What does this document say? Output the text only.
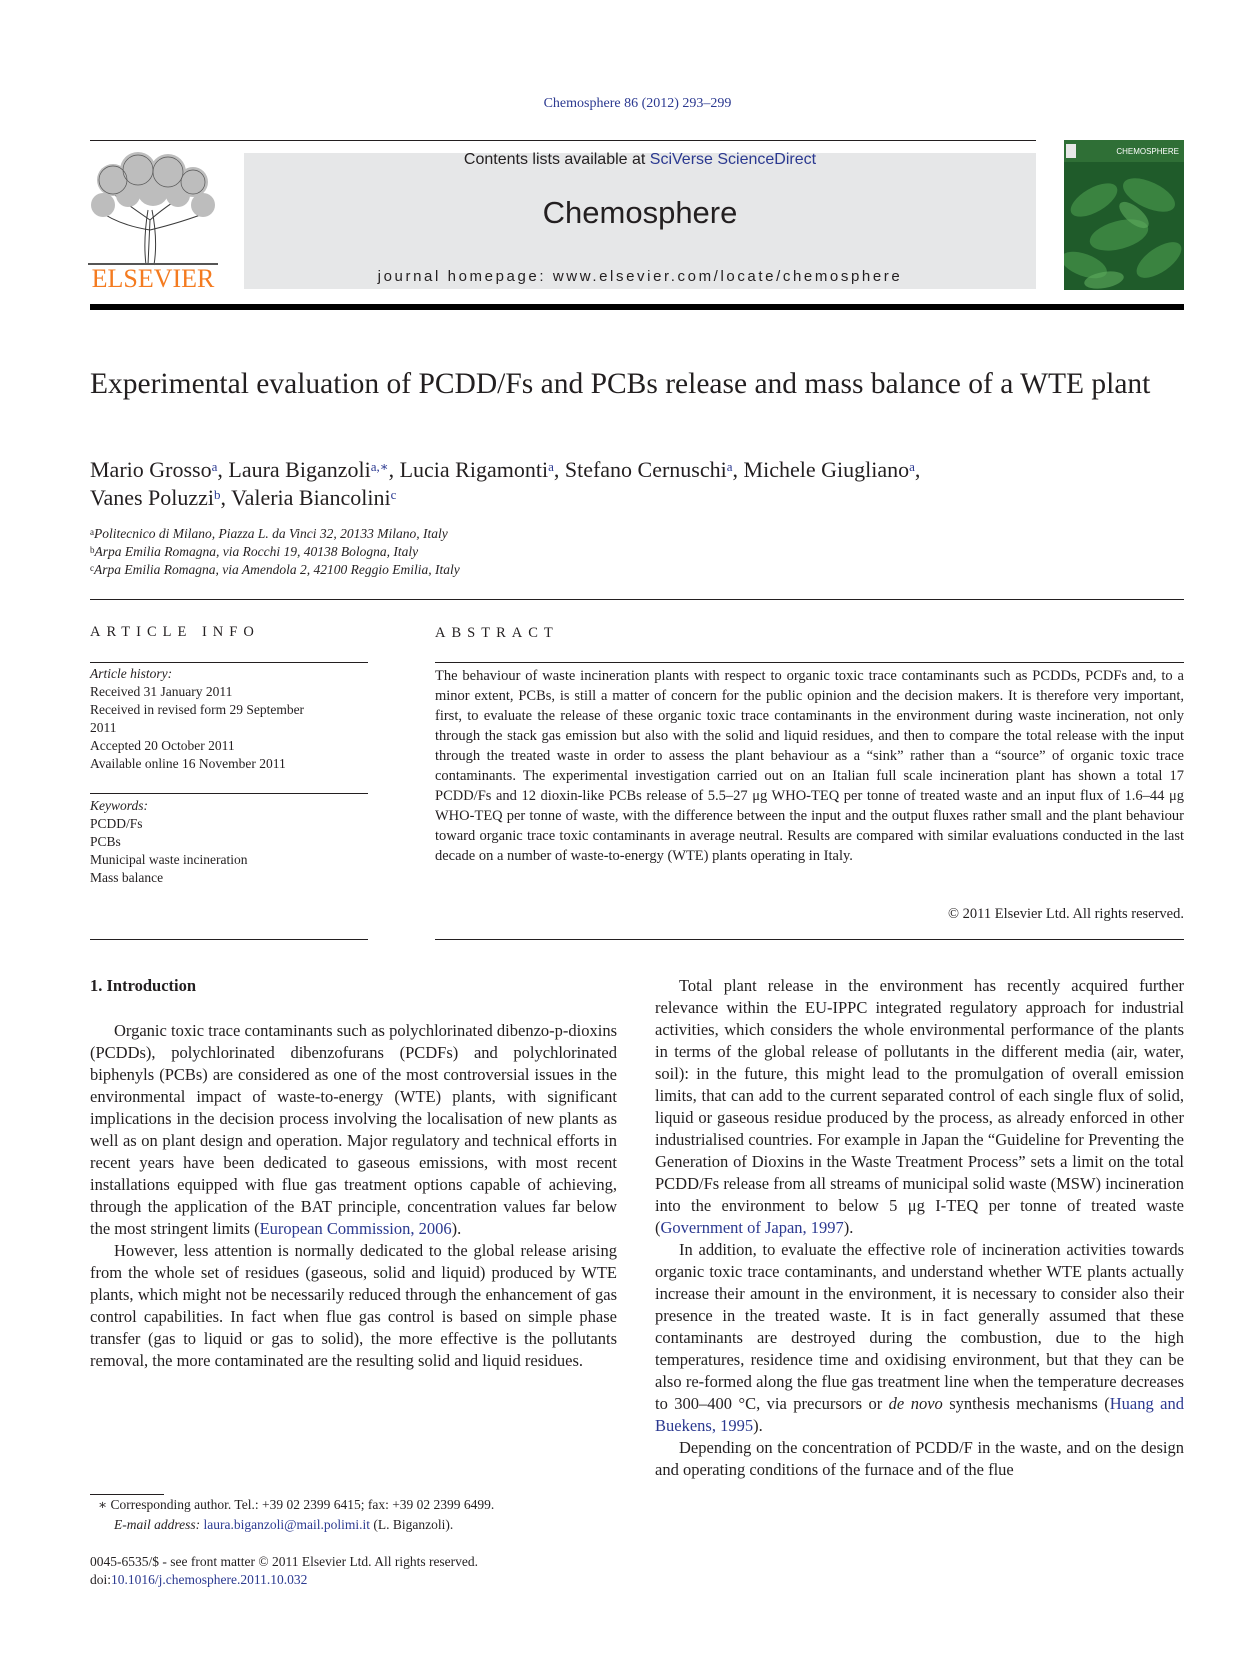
Chemosphere 86 (2012) 293–299
ELSEVIER
Contents lists available at SciVerse ScienceDirect
Chemosphere
journal homepage: www.elsevier.com/locate/chemosphere
CHEMOSPHERE
Experimental evaluation of PCDD/Fs and PCBs release and mass balance of a WTE plant
Mario Grosso$^a$, Laura Biganzoli$^{a,∗}$, Lucia Rigamonti$^a$, Stefano Cernuschi$^a$, Michele Giugliano$^a$,
Vanes Poluzzi$^b$, Valeria Biancolini$^c$
$^a$Politecnico di Milano, Piazza L. da Vinci 32, 20133 Milano, Italy
$^b$Arpa Emilia Romagna, via Rocchi 19, 40138 Bologna, Italy
$^c$Arpa Emilia Romagna, via Amendola 2, 42100 Reggio Emilia, Italy
ARTICLE INFO	ABSTRACT
Article history:
Received 31 January 2011
Received in revised form 29 September
2011
Accepted 20 October 2011
Available online 16 November 2011
Keywords:
PCDD/Fs
PCBs
Municipal waste incineration
Mass balance
The behaviour of waste incineration plants with respect to organic toxic trace contaminants such as PCDDs, PCDFs and, to a minor extent, PCBs, is still a matter of concern for the public opinion and the decision makers. It is therefore very important, first, to evaluate the release of these organic toxic trace contaminants in the environment during waste incineration, not only through the stack gas emission but also with the solid and liquid residues, and then to compare the total release with the input through the treated waste in order to assess the plant behaviour as a “sink” rather than a “source” of organic toxic trace contaminants. The experimental investigation carried out on an Italian full scale incineration plant has shown a total 17 PCDD/Fs and 12 dioxin-like PCBs release of 5.5–27 μg WHO-TEQ per tonne of treated waste and an input flux of 1.6–44 μg WHO-TEQ per tonne of waste, with the difference between the input and the output fluxes rather small and the plant behaviour toward organic trace toxic contaminants in average neutral. Results are compared with similar evaluations conducted in the last decade on a number of waste-to-energy (WTE) plants operating in Italy.
© 2011 Elsevier Ltd. All rights reserved.
1. Introduction

Organic toxic trace contaminants such as polychlorinated dibenzo-p-dioxins (PCDDs), polychlorinated dibenzofurans (PCDFs) and polychlorinated biphenyls (PCBs) are considered as one of the most controversial issues in the environmental impact of waste-to-energy (WTE) plants, with significant implications in the decision process involving the localisation of new plants as well as on plant design and operation. Major regulatory and technical efforts in recent years have been dedicated to gaseous emissions, with most recent installations equipped with flue gas treatment options capable of achieving, through the application of the BAT principle, concentration values far below the most stringent limits (European Commission, 2006).

However, less attention is normally dedicated to the global release arising from the whole set of residues (gaseous, solid and liquid) produced by WTE plants, which might not be necessarily reduced through the enhancement of gas control capabilities. In fact when flue gas control is based on simple phase transfer (gas to liquid or gas to solid), the more effective is the pollutants removal, the more contaminated are the resulting solid and liquid residues.

Total plant release in the environment has recently acquired further relevance within the EU-IPPC integrated regulatory approach for industrial activities, which considers the whole environmental performance of the plants in terms of the global release of pollutants in the different media (air, water, soil): in the future, this might lead to the promulgation of overall emission limits, that can add to the current separated control of each single flux of solid, liquid or gaseous residue produced by the process, as already enforced in other industrialised countries. For example in Japan the “Guideline for Preventing the Generation of Dioxins in the Waste Treatment Process” sets a limit on the total PCDD/Fs release from all streams of municipal solid waste (MSW) incineration into the environment to below 5 μg I-TEQ per tonne of treated waste (Government of Japan, 1997).

In addition, to evaluate the effective role of incineration activities towards organic toxic trace contaminants, and understand whether WTE plants actually increase their amount in the environment, it is necessary to consider also their presence in the treated waste. It is in fact generally assumed that these contaminants are destroyed during the combustion, due to the high temperatures, residence time and oxidising environment, but that they can be also re-formed along the flue gas treatment line when the temperature decreases to 300–400 °C, via precursors or de novo synthesis mechanisms (Huang and Buekens, 1995).

Depending on the concentration of PCDD/F in the waste, and on the design and operating conditions of the furnace and of the flue

∗ Corresponding author. Tel.: +39 02 2399 6415; fax: +39 02 2399 6499.
E-mail address: laura.biganzoli@mail.polimi.it (L. Biganzoli).
0045-6535/$ - see front matter © 2011 Elsevier Ltd. All rights reserved.
doi:10.1016/j.chemosphere.2011.10.032
